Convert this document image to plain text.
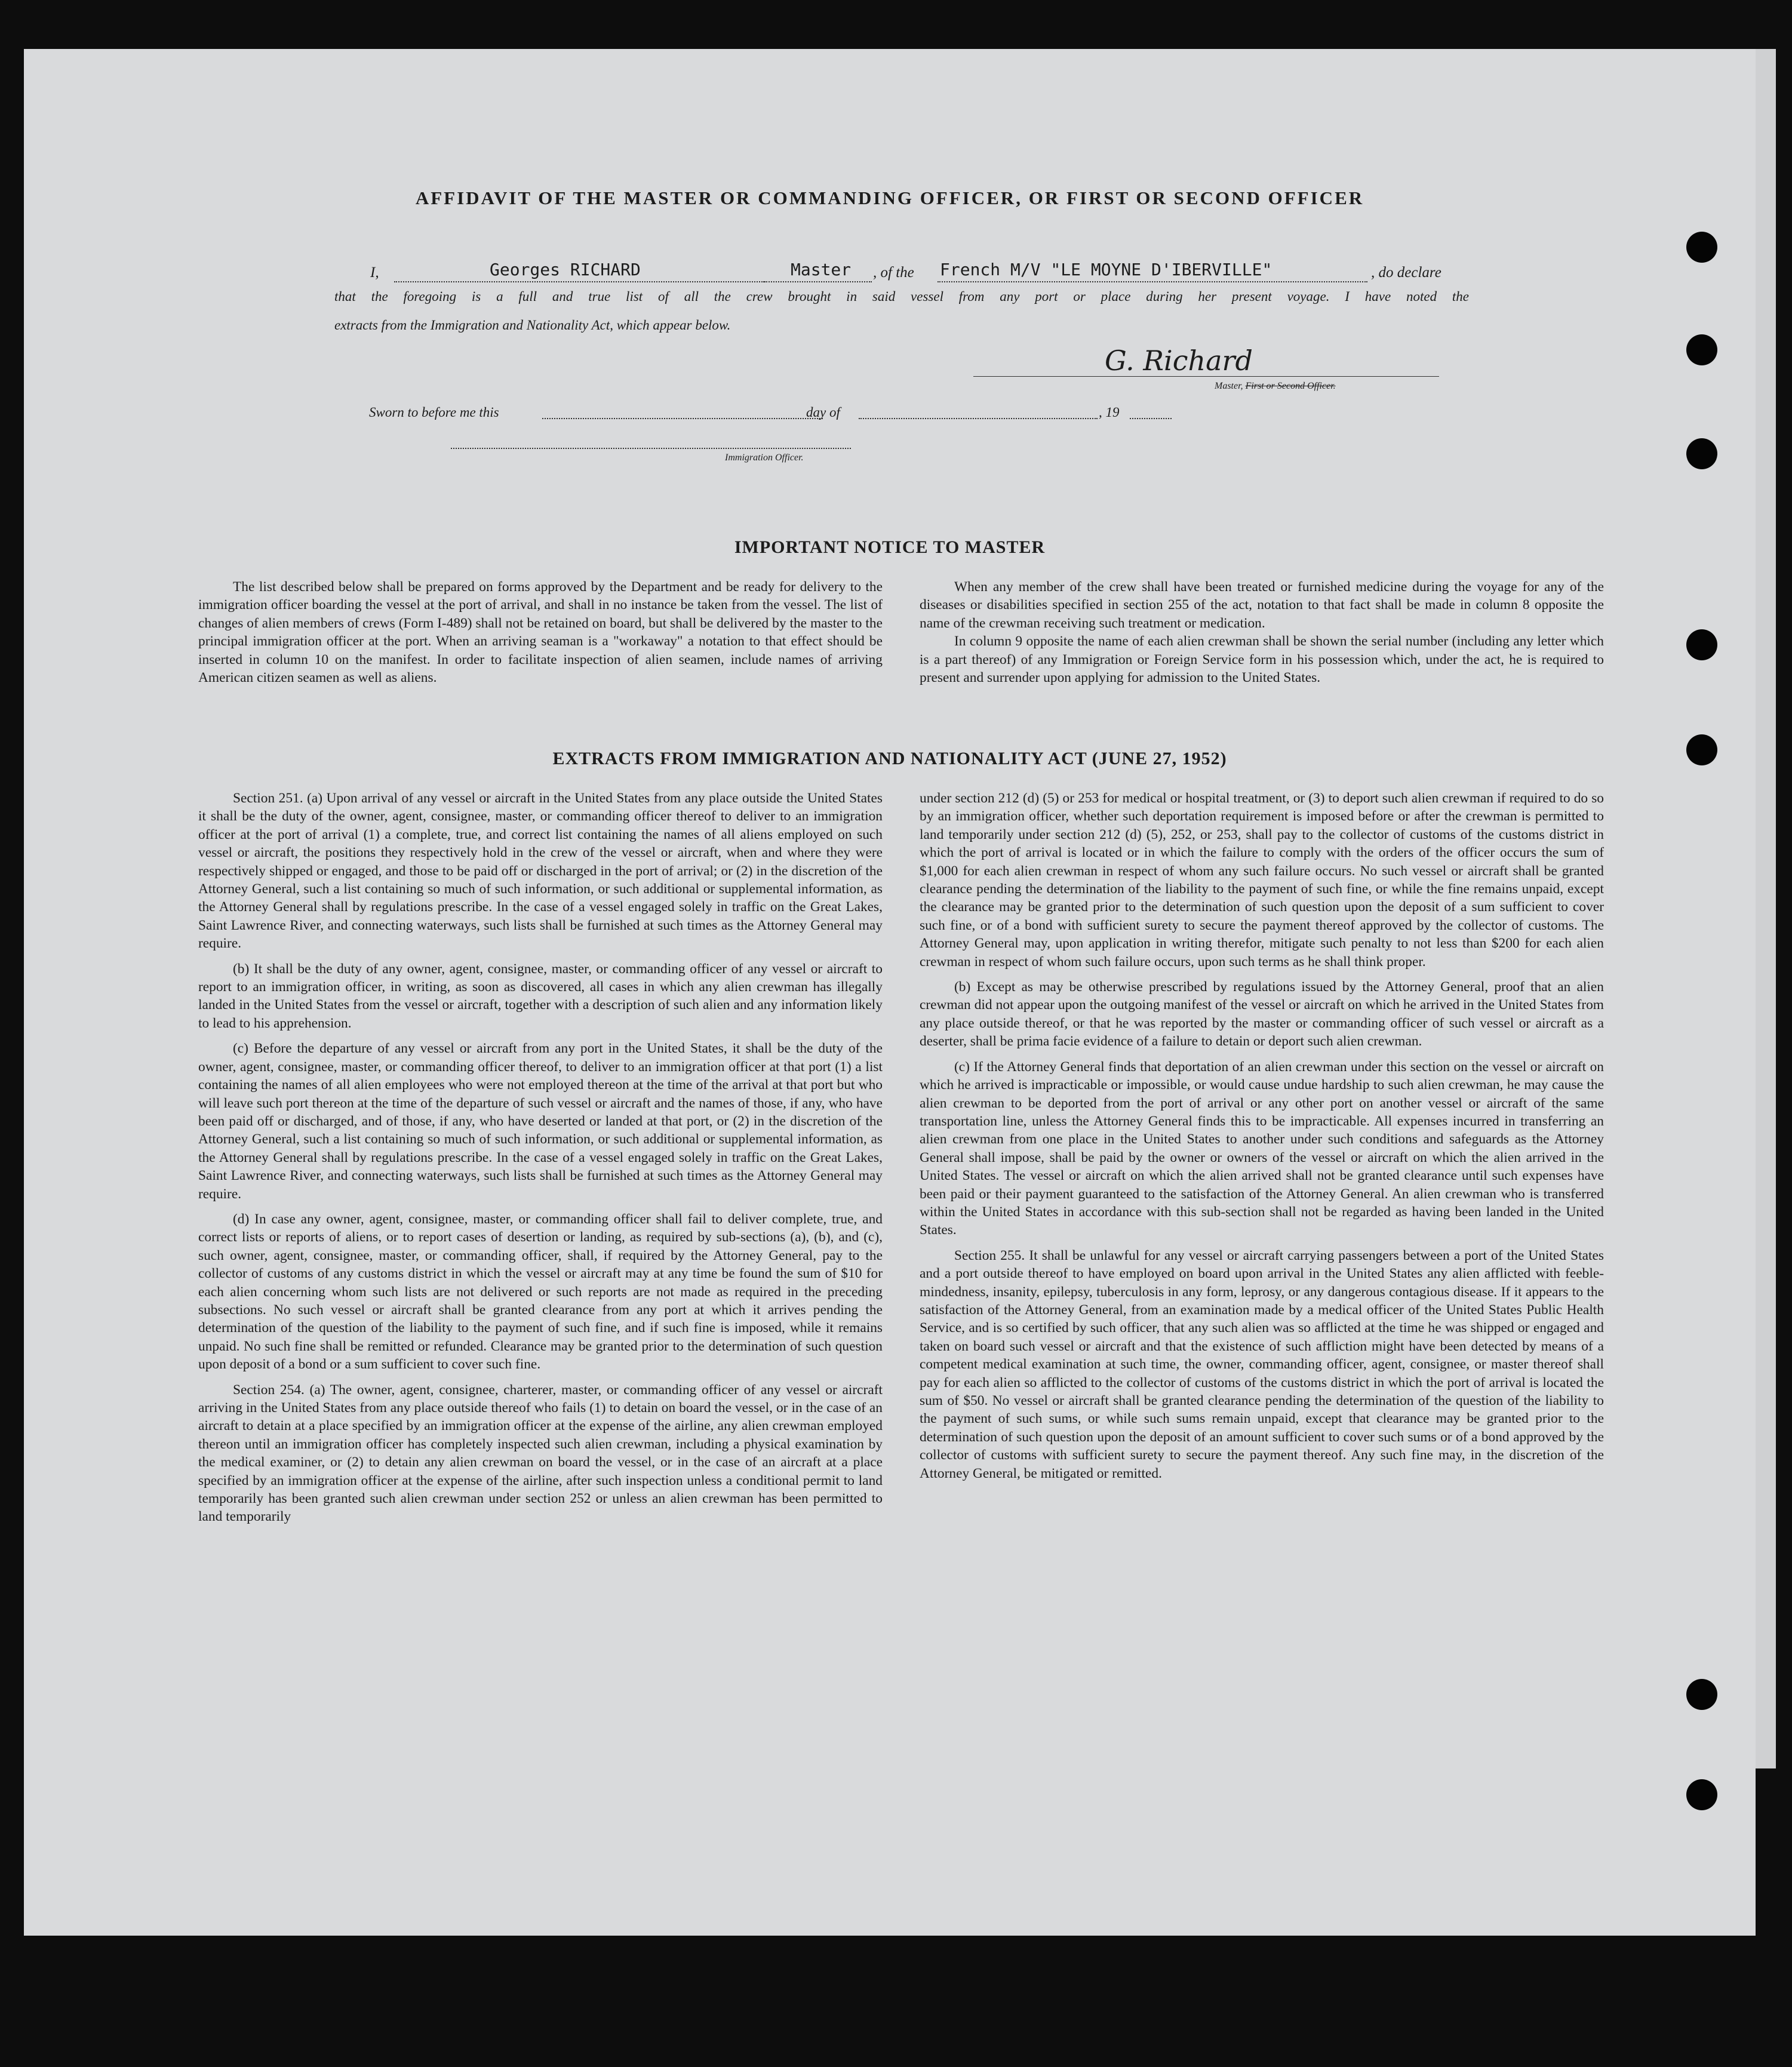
AFFIDAVIT OF THE MASTER OR COMMANDING OFFICER, OR FIRST OR SECOND OFFICER
I,	Georges RICHARD	Master , of the French M/V "LE MOYNE D'IBERVILLE"	, do declare
that the foregoing is a full and true list of all the crew brought in said vessel from any port or place during her present voyage. I have noted the
extracts from the Immigration and Nationality Act, which appear below.
G. Richard
Master, First or Second Officer.
Sworn to before me this	day of	, 19
Immigration Officer.
IMPORTANT NOTICE TO MASTER

The list described below shall be prepared on forms approved by the Department and be ready for delivery to the immigration officer boarding the vessel at the port of arrival, and shall in no instance be taken from the vessel. The list of changes of alien members of crews (Form I-489) shall not be retained on board, but shall be delivered by the master to the principal immigration officer at the port. When an arriving seaman is a "workaway" a notation to that effect should be inserted in column 10 on the manifest. In order to facilitate inspection of alien seamen, include names of arriving American citizen seamen as well as aliens.

When any member of the crew shall have been treated or furnished medicine during the voyage for any of the diseases or disabilities specified in section 255 of the act, notation to that fact shall be made in column 8 opposite the name of the crewman receiving such treatment or medication.

In column 9 opposite the name of each alien crewman shall be shown the serial number (including any letter which is a part thereof) of any Immigration or Foreign Service form in his possession which, under the act, he is required to present and surrender upon applying for admission to the United States.

EXTRACTS FROM IMMIGRATION AND NATIONALITY ACT (JUNE 27, 1952)

Section 251. (a) Upon arrival of any vessel or aircraft in the United States from any place outside the United States it shall be the duty of the owner, agent, consignee, master, or commanding officer thereof to deliver to an immigration officer at the port of arrival (1) a complete, true, and correct list containing the names of all aliens employed on such vessel or aircraft, the positions they respectively hold in the crew of the vessel or aircraft, when and where they were respectively shipped or engaged, and those to be paid off or discharged in the port of arrival; or (2) in the discretion of the Attorney General, such a list containing so much of such information, or such additional or supplemental information, as the Attorney General shall by regulations prescribe. In the case of a vessel engaged solely in traffic on the Great Lakes, Saint Lawrence River, and connecting waterways, such lists shall be furnished at such times as the Attorney General may require.

(b) It shall be the duty of any owner, agent, consignee, master, or commanding officer of any vessel or aircraft to report to an immigration officer, in writing, as soon as discovered, all cases in which any alien crewman has illegally landed in the United States from the vessel or aircraft, together with a description of such alien and any information likely to lead to his apprehension.

(c) Before the departure of any vessel or aircraft from any port in the United States, it shall be the duty of the owner, agent, consignee, master, or commanding officer thereof, to deliver to an immigration officer at that port (1) a list containing the names of all alien employees who were not employed thereon at the time of the arrival at that port but who will leave such port thereon at the time of the departure of such vessel or aircraft and the names of those, if any, who have been paid off or discharged, and of those, if any, who have deserted or landed at that port, or (2) in the discretion of the Attorney General, such a list containing so much of such information, or such additional or supplemental information, as the Attorney General shall by regulations prescribe. In the case of a vessel engaged solely in traffic on the Great Lakes, Saint Lawrence River, and connecting waterways, such lists shall be furnished at such times as the Attorney General may require.

(d) In case any owner, agent, consignee, master, or commanding officer shall fail to deliver complete, true, and correct lists or reports of aliens, or to report cases of desertion or landing, as required by sub-sections (a), (b), and (c), such owner, agent, consignee, master, or commanding officer, shall, if required by the Attorney General, pay to the collector of customs of any customs district in which the vessel or aircraft may at any time be found the sum of $10 for each alien concerning whom such lists are not delivered or such reports are not made as required in the preceding subsections. No such vessel or aircraft shall be granted clearance from any port at which it arrives pending the determination of the question of the liability to the payment of such fine, and if such fine is imposed, while it remains unpaid. No such fine shall be remitted or refunded. Clearance may be granted prior to the determination of such question upon deposit of a bond or a sum sufficient to cover such fine.

Section 254. (a) The owner, agent, consignee, charterer, master, or commanding officer of any vessel or aircraft arriving in the United States from any place outside thereof who fails (1) to detain on board the vessel, or in the case of an aircraft to detain at a place specified by an immigration officer at the expense of the airline, any alien crewman employed thereon until an immigration officer has completely inspected such alien crewman, including a physical examination by the medical examiner, or (2) to detain any alien crewman on board the vessel, or in the case of an aircraft at a place specified by an immigration officer at the expense of the airline, after such inspection unless a conditional permit to land temporarily has been granted such alien crewman under section 252 or unless an alien crewman has been permitted to land temporarily

under section 212 (d) (5) or 253 for medical or hospital treatment, or (3) to deport such alien crewman if required to do so by an immigration officer, whether such deportation requirement is imposed before or after the crewman is permitted to land temporarily under section 212 (d) (5), 252, or 253, shall pay to the collector of customs of the customs district in which the port of arrival is located or in which the failure to comply with the orders of the officer occurs the sum of $1,000 for each alien crewman in respect of whom any such failure occurs. No such vessel or aircraft shall be granted clearance pending the determination of the liability to the payment of such fine, or while the fine remains unpaid, except the clearance may be granted prior to the determination of such question upon the deposit of a sum sufficient to cover such fine, or of a bond with sufficient surety to secure the payment thereof approved by the collector of customs. The Attorney General may, upon application in writing therefor, mitigate such penalty to not less than $200 for each alien crewman in respect of whom such failure occurs, upon such terms as he shall think proper.

(b) Except as may be otherwise prescribed by regulations issued by the Attorney General, proof that an alien crewman did not appear upon the outgoing manifest of the vessel or aircraft on which he arrived in the United States from any place outside thereof, or that he was reported by the master or commanding officer of such vessel or aircraft as a deserter, shall be prima facie evidence of a failure to detain or deport such alien crewman.

(c) If the Attorney General finds that deportation of an alien crewman under this section on the vessel or aircraft on which he arrived is impracticable or impossible, or would cause undue hardship to such alien crewman, he may cause the alien crewman to be deported from the port of arrival or any other port on another vessel or aircraft of the same transportation line, unless the Attorney General finds this to be impracticable. All expenses incurred in transferring an alien crewman from one place in the United States to another under such conditions and safeguards as the Attorney General shall impose, shall be paid by the owner or owners of the vessel or aircraft on which the alien arrived in the United States. The vessel or aircraft on which the alien arrived shall not be granted clearance until such expenses have been paid or their payment guaranteed to the satisfaction of the Attorney General. An alien crewman who is transferred within the United States in accordance with this sub-section shall not be regarded as having been landed in the United States.

Section 255. It shall be unlawful for any vessel or aircraft carrying passengers between a port of the United States and a port outside thereof to have employed on board upon arrival in the United States any alien afflicted with feeble-mindedness, insanity, epilepsy, tuberculosis in any form, leprosy, or any dangerous contagious disease. If it appears to the satisfaction of the Attorney General, from an examination made by a medical officer of the United States Public Health Service, and is so certified by such officer, that any such alien was so afflicted at the time he was shipped or engaged and taken on board such vessel or aircraft and that the existence of such affliction might have been detected by means of a competent medical examination at such time, the owner, commanding officer, agent, consignee, or master thereof shall pay for each alien so afflicted to the collector of customs of the customs district in which the port of arrival is located the sum of $50. No vessel or aircraft shall be granted clearance pending the determination of the question of the liability to the payment of such sums, or while such sums remain unpaid, except that clearance may be granted prior to the determination of such question upon the deposit of an amount sufficient to cover such sums or of a bond approved by the collector of customs with sufficient surety to secure the payment thereof. Any such fine may, in the discretion of the Attorney General, be mitigated or remitted.
